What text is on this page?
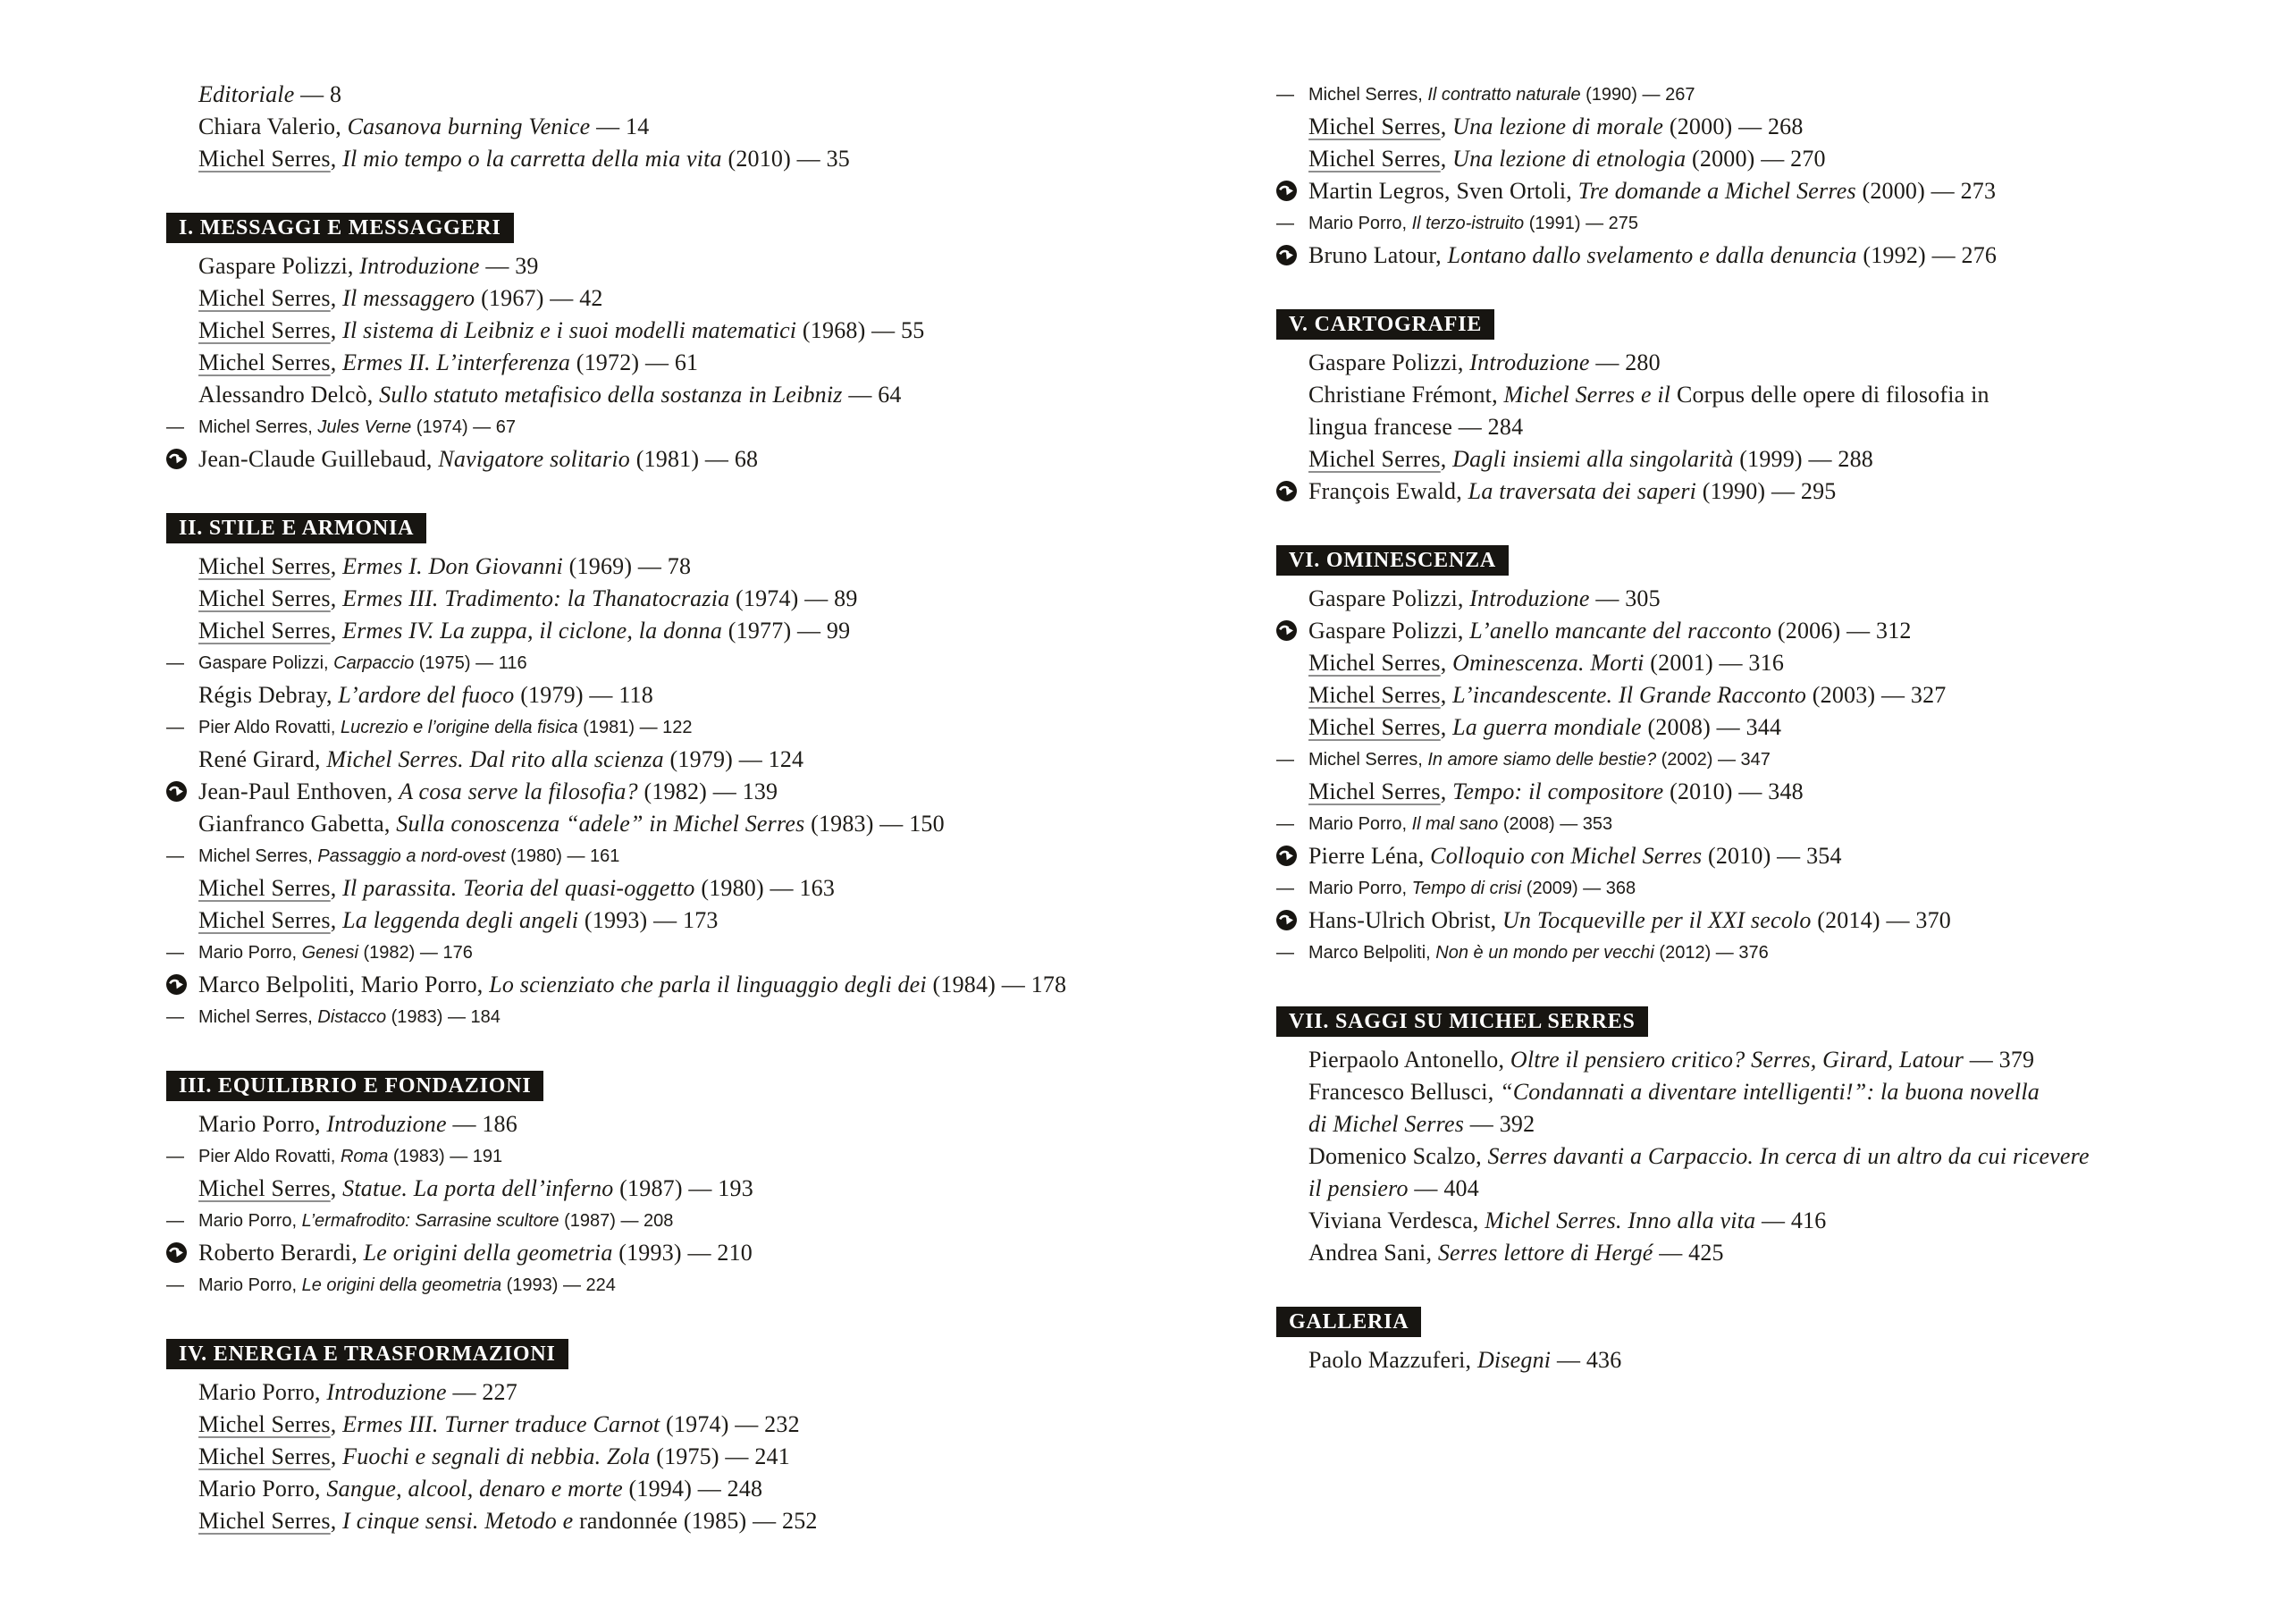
Editoriale — 8
Chiara Valerio, Casanova burning Venice — 14
Michel Serres, Il mio tempo o la carretta della mia vita (2010) — 35
I. MESSAGGI E MESSAGGERI
Gaspare Polizzi, Introduzione — 39
Michel Serres, Il messaggero (1967) — 42
Michel Serres, Il sistema di Leibniz e i suoi modelli matematici (1968) — 55
Michel Serres, Ermes II. L’interferenza (1972) — 61
Alessandro Delcò, Sullo statuto metafisico della sostanza in Leibniz — 64
— Michel Serres, Jules Verne (1974) — 67
Jean-Claude Guillebaud, Navigatore solitario (1981) — 68
II. STILE E ARMONIA
Michel Serres, Ermes I. Don Giovanni (1969) — 78
Michel Serres, Ermes III. Tradimento: la Thanatocrazia (1974) — 89
Michel Serres, Ermes IV. La zuppa, il ciclone, la donna (1977) — 99
— Gaspare Polizzi, Carpaccio (1975) — 116
Régis Debray, L’ardore del fuoco (1979) — 118
— Pier Aldo Rovatti, Lucrezio e l’origine della fisica (1981) — 122
René Girard, Michel Serres. Dal rito alla scienza (1979) — 124
Jean-Paul Enthoven, A cosa serve la filosofia? (1982) — 139
Gianfranco Gabetta, Sulla conoscenza “adele” in Michel Serres (1983) — 150
— Michel Serres, Passaggio a nord-ovest (1980) — 161
Michel Serres, Il parassita. Teoria del quasi-oggetto (1980) — 163
Michel Serres, La leggenda degli angeli (1993) — 173
— Mario Porro, Genesi (1982) — 176
Marco Belpoliti, Mario Porro, Lo scienziato che parla il linguaggio degli dei (1984) — 178
— Michel Serres, Distacco (1983) — 184
III. EQUILIBRIO E FONDAZIONI
Mario Porro, Introduzione — 186
— Pier Aldo Rovatti, Roma (1983) — 191
Michel Serres, Statue. La porta dell’inferno (1987) — 193
— Mario Porro, L’ermafrodito: Sarrasine scultore (1987) — 208
Roberto Berardi, Le origini della geometria (1993) — 210
— Mario Porro, Le origini della geometria (1993) — 224
IV. ENERGIA E TRASFORMAZIONI
Mario Porro, Introduzione — 227
Michel Serres, Ermes III. Turner traduce Carnot (1974) — 232
Michel Serres, Fuochi e segnali di nebbia. Zola (1975) — 241
Mario Porro, Sangue, alcool, denaro e morte (1994) — 248
Michel Serres, I cinque sensi. Metodo e randonnée (1985) — 252
— Michel Serres, Il contratto naturale (1990) — 267
Michel Serres, Una lezione di morale (2000) — 268
Michel Serres, Una lezione di etnologia (2000) — 270
Martin Legros, Sven Ortoli, Tre domande a Michel Serres (2000) — 273
— Mario Porro, Il terzo-istruito (1991) — 275
Bruno Latour, Lontano dallo svelamento e dalla denuncia (1992) — 276
V. CARTOGRAFIE
Gaspare Polizzi, Introduzione — 280
Christiane Frémont, Michel Serres e il Corpus delle opere di filosofia in
lingua francese — 284
Michel Serres, Dagli insiemi alla singolarità (1999) — 288
François Ewald, La traversata dei saperi (1990) — 295
VI. OMINESCENZA
Gaspare Polizzi, Introduzione — 305
Gaspare Polizzi, L’anello mancante del racconto (2006) — 312
Michel Serres, Ominescenza. Morti (2001) — 316
Michel Serres, L’incandescente. Il Grande Racconto (2003) — 327
Michel Serres, La guerra mondiale (2008) — 344
— Michel Serres, In amore siamo delle bestie? (2002) — 347
Michel Serres, Tempo: il compositore (2010) — 348
— Mario Porro, Il mal sano (2008) — 353
Pierre Léna, Colloquio con Michel Serres (2010) — 354
— Mario Porro, Tempo di crisi (2009) — 368
Hans-Ulrich Obrist, Un Tocqueville per il XXI secolo (2014) — 370
— Marco Belpoliti, Non è un mondo per vecchi (2012) — 376
VII. SAGGI SU MICHEL SERRES
Pierpaolo Antonello, Oltre il pensiero critico? Serres, Girard, Latour — 379
Francesco Bellusci, “Condannati a diventare intelligenti!”: la buona novella
di Michel Serres — 392
Domenico Scalzo, Serres davanti a Carpaccio. In cerca di un altro da cui ricevere
il pensiero — 404
Viviana Verdesca, Michel Serres. Inno alla vita — 416
Andrea Sani, Serres lettore di Hergé — 425
GALLERIA
Paolo Mazzuferi, Disegni — 436
